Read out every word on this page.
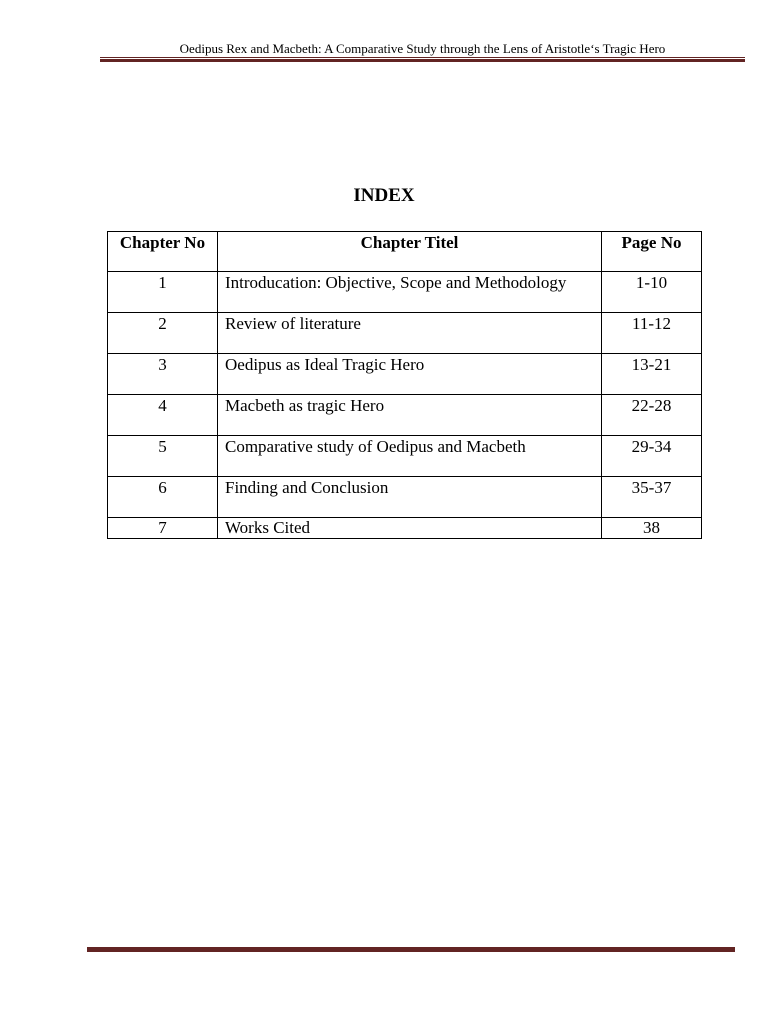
Oedipus Rex and Macbeth: A Comparative Study through the Lens of Aristotle‘s Tragic Hero
INDEX
Chapter No	Chapter Titel	Page No
1	Introducation: Objective, Scope and Methodology	1-10
2	Review of literature	11-12
3	Oedipus as Ideal Tragic Hero	13-21
4	Macbeth as tragic Hero	22-28
5	Comparative study of Oedipus and Macbeth	29-34
6	Finding and Conclusion	35-37
7	Works Cited	38
